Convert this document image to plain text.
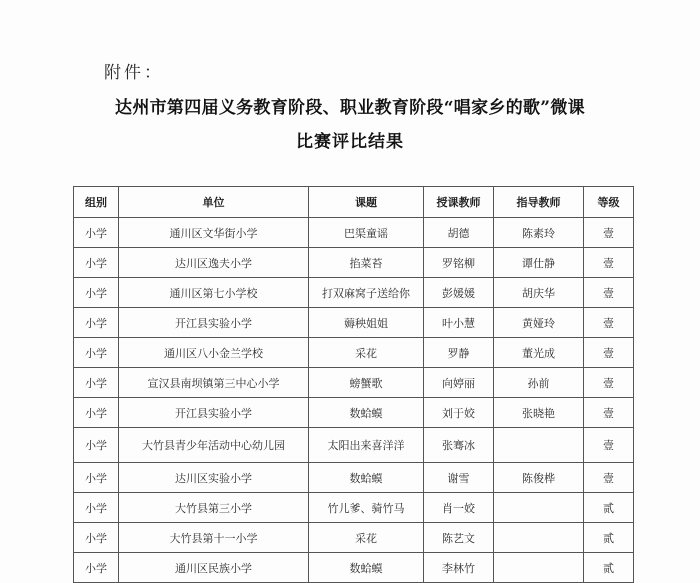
附件：
达州市第四届义务教育阶段、职业教育阶段“唱家乡的歌”微课
比赛评比结果
组别	单位	课题	授课教师	指导教师	等级
小学	通川区文华街小学	巴渠童谣	胡德	陈素玲	壹
小学	达川区逸夫小学	掐菜苔	罗铭柳	谭仕静	壹
小学	通川区第七小学校	打双麻窝子送给你	彭媛媛	胡庆华	壹
小学	开江县实验小学	薅秧姐姐	叶小慧	黄娅玲	壹
小学	通川区八小金兰学校	采花	罗静	董光成	壹
小学	宣汉县南坝镇第三中心小学	螃蟹歌	向婷丽	孙前	壹
小学	开江县实验小学	数蛤蟆	刘于姣	张晓艳	壹
小学	大竹县青少年活动中心幼儿园	太阳出来喜洋洋	张骞冰		壹
小学	达川区实验小学	数蛤蟆	谢雪	陈俊桦	壹
小学	大竹县第三小学	竹儿爹、骑竹马	肖一姣		贰
小学	大竹县第十一小学	采花	陈艺文		贰
小学	通川区民族小学	数蛤蟆	李林竹		贰
